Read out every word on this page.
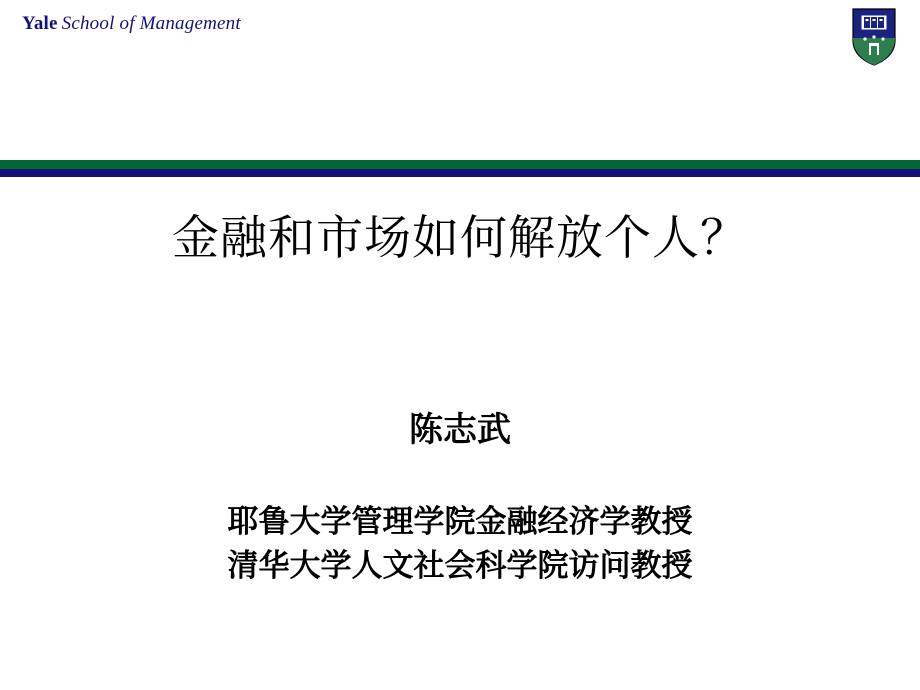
Yale School of Management
金融和市场如何解放个人？
陈志武
耶鲁大学管理学院金融经济学教授
清华大学人文社会科学院访问教授
